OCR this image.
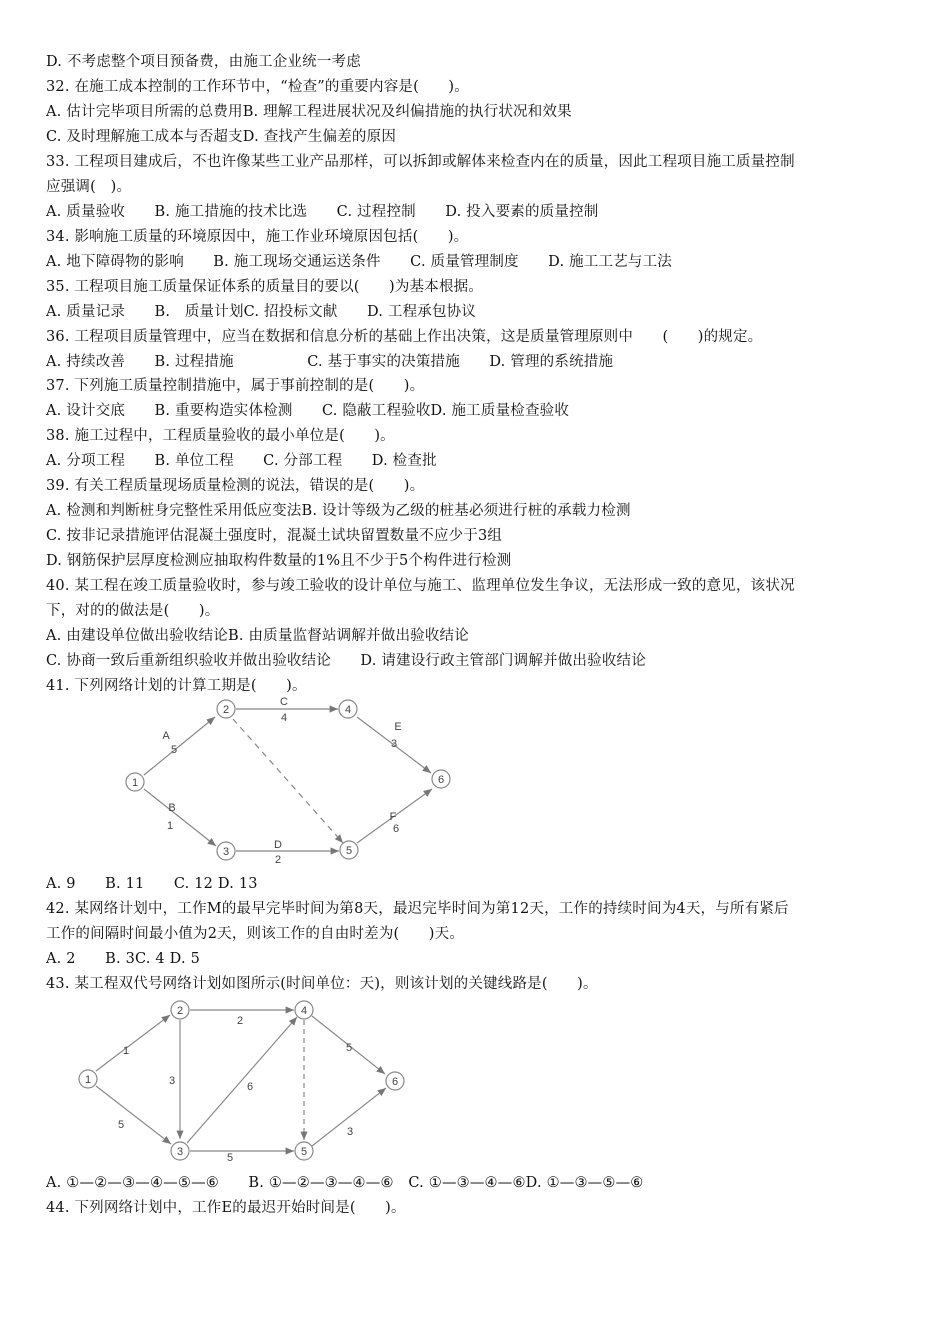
D. 不考虑整个项目预备费，由施工企业统一考虑
32. 在施工成本控制的工作环节中，“检查”的重要内容是(　　)。
A. 估计完毕项目所需的总费用B. 理解工程进展状况及纠偏措施的执行状况和效果
C. 及时理解施工成本与否超支D. 查找产生偏差的原因
33. 工程项目建成后，不也许像某些工业产品那样，可以拆卸或解体来检查内在的质量，因此工程项目施工质量控制
应强调(　)。
A. 质量验收　　B. 施工措施的技术比选　　C. 过程控制　　D. 投入要素的质量控制
34. 影响施工质量的环境原因中，施工作业环境原因包括(　　)。
A. 地下障碍物的影响　　B. 施工现场交通运送条件　　C. 质量管理制度　　D. 施工工艺与工法
35. 工程项目施工质量保证体系的质量目的要以(　　)为基本根据。
A. 质量记录　　B.　质量计划C. 招投标文献　　D. 工程承包协议
36. 工程项目质量管理中，应当在数据和信息分析的基础上作出决策，这是质量管理原则中　　(　　)的规定。
A. 持续改善　　B. 过程措施　　　　　C. 基于事实的决策措施　　D. 管理的系统措施
37. 下列施工质量控制措施中，属于事前控制的是(　　)。
A. 设计交底　　B. 重要构造实体检测　　C. 隐蔽工程验收D. 施工质量检查验收
38. 施工过程中，工程质量验收的最小单位是(　　)。
A. 分项工程　　B. 单位工程　　C. 分部工程　　D. 检查批
39. 有关工程质量现场质量检测的说法，错误的是(　　)。
A. 检测和判断桩身完整性采用低应变法B. 设计等级为乙级的桩基必须进行桩的承载力检测
C. 按非记录措施评估混凝土强度时，混凝土试块留置数量不应少于3组
D. 钢筋保护层厚度检测应抽取构件数量的1%且不少于5个构件进行检测
40. 某工程在竣工质量验收时，参与竣工验收的设计单位与施工、监理单位发生争议，无法形成一致的意见，该状况
下，对的的做法是(　　)。
A. 由建设单位做出验收结论B. 由质量监督站调解并做出验收结论
C. 协商一致后重新组织验收并做出验收结论　　D. 请建设行政主管部门调解并做出验收结论
41. 下列网络计划的计算工期是(　　)。
1
2
3
4
5
6
A
5
B
1
C
4
D
2
E
3
F
6
A. 9　　B. 11　　C. 12 D. 13
42. 某网络计划中，工作M的最早完毕时间为第8天，最迟完毕时间为第12天，工作的持续时间为4天，与所有紧后
工作的间隔时间最小值为2天，则该工作的自由时差为(　　)天。
A. 2　　B. 3C. 4 D. 5
43. 某工程双代号网络计划如图所示(时间单位：天)，则该计划的关键线路是(　　)。
1
2
3
4
5
6
1
5
3
2
6
5
5
3
A. ①—②—③—④—⑤—⑥　　B. ①—②—③—④—⑥　C. ①—③—④—⑥D. ①—③—⑤—⑥
44. 下列网络计划中，工作E的最迟开始时间是(　　)。
